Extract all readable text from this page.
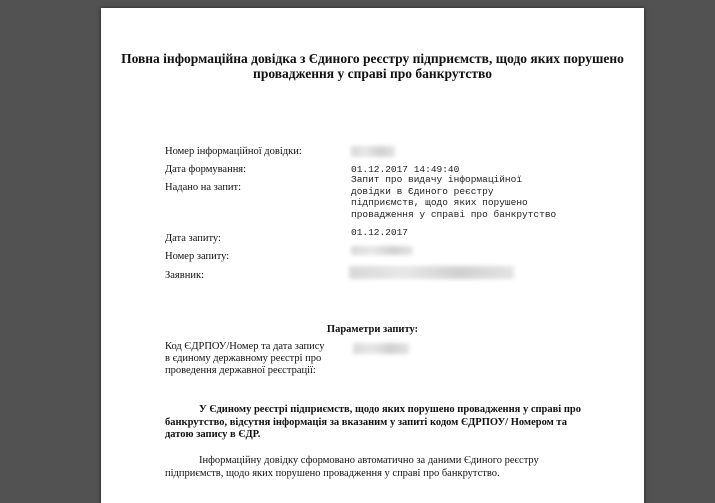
Повна інформаційна довідка з Єдиного реєстру підприємств, щодо яких порушено провадження у справі про банкрутство
Номер інформаційної довідки:
Дата формування:	01.12.2017 14:49:40
Надано на запит:
Запит про видачу інформаційної
довідки в Єдиного реєстру
підприємств, щодо яких порушено
провадження у справі про банкрутство
Дата запиту:
01.12.2017
Номер запиту:
Заявник:
Параметри запиту:
Код ЄДРПОУ/Номер та дата запису в єдиному державному реєстрі про проведення державної реєстрації:
У Єдиному реєстрі підприємств, щодо яких порушено провадження у справі про банкрутство, відсутня інформація за вказаним у запиті кодом ЄДРПОУ/ Номером та датою запису в ЄДР.
Інформаційну довідку сформовано автоматично за даними Єдиного реєстру підприємств, щодо яких порушено провадження у справі про банкрутство.
